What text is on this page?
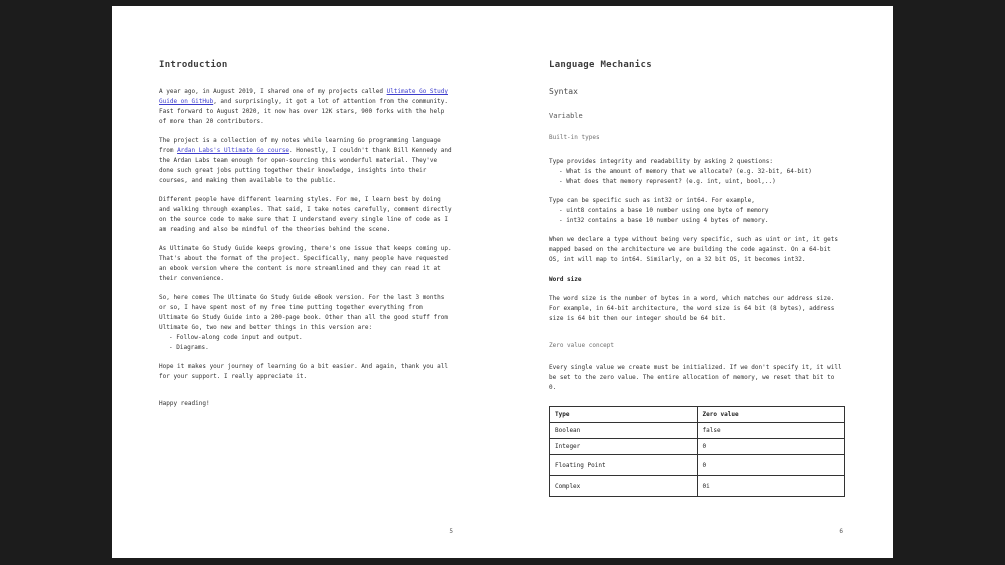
Introduction

A year ago, in August 2019, I shared one of my projects called Ultimate Go Study Guide on GitHub, and surprisingly, it got a lot of attention from the community. Fast forward to August 2020, it now has over 12K stars, 900 forks with the help of more than 20 contributors.

The project is a collection of my notes while learning Go programming language from Ardan Labs's Ultimate Go course. Honestly, I couldn't thank Bill Kennedy and the Ardan Labs team enough for open-sourcing this wonderful material. They've done such great jobs putting together their knowledge, insights into their courses, and making them available to the public.

Different people have different learning styles. For me, I learn best by doing and walking through examples. That said, I take notes carefully, comment directly on the source code to make sure that I understand every single line of code as I am reading and also be mindful of the theories behind the scene.

As Ultimate Go Study Guide keeps growing, there's one issue that keeps coming up. That's about the format of the project. Specifically, many people have requested an ebook version where the content is more streamlined and they can read it at their convenience.

So, here comes The Ultimate Go Study Guide eBook version. For the last 3 months or so, I have spent most of my free time putting together everything from Ultimate Go Study Guide into a 200-page book. Other than all the good stuff from Ultimate Go, two new and better things in this version are:

- Follow-along code input and output.
- Diagrams.

Hope it makes your journey of learning Go a bit easier. And again, thank you all for your support. I really appreciate it.

Happy reading!

5
Language Mechanics
Syntax
Variable
Built-in types

Type provides integrity and readability by asking 2 questions:

- What is the amount of memory that we allocate? (e.g. 32-bit, 64-bit)
- What does that memory represent? (e.g. int, uint, bool,..)

Type can be specific such as int32 or int64. For example,

- uint8 contains a base 10 number using one byte of memory
- int32 contains a base 10 number using 4 bytes of memory.

When we declare a type without being very specific, such as uint or int, it gets mapped based on the architecture we are building the code against. On a 64-bit OS, int will map to int64. Similarly, on a 32 bit OS, it becomes int32.

Word size

The word size is the number of bytes in a word, which matches our address size. For example, in 64-bit architecture, the word size is 64 bit (8 bytes), address size is 64 bit then our integer should be 64 bit.

Zero value concept

Every single value we create must be initialized. If we don't specify it, it will be set to the zero value. The entire allocation of memory, we reset that bit to 0.

Type	Zero value
Boolean	false
Integer	0
Floating Point	0
Complex	0i
6
